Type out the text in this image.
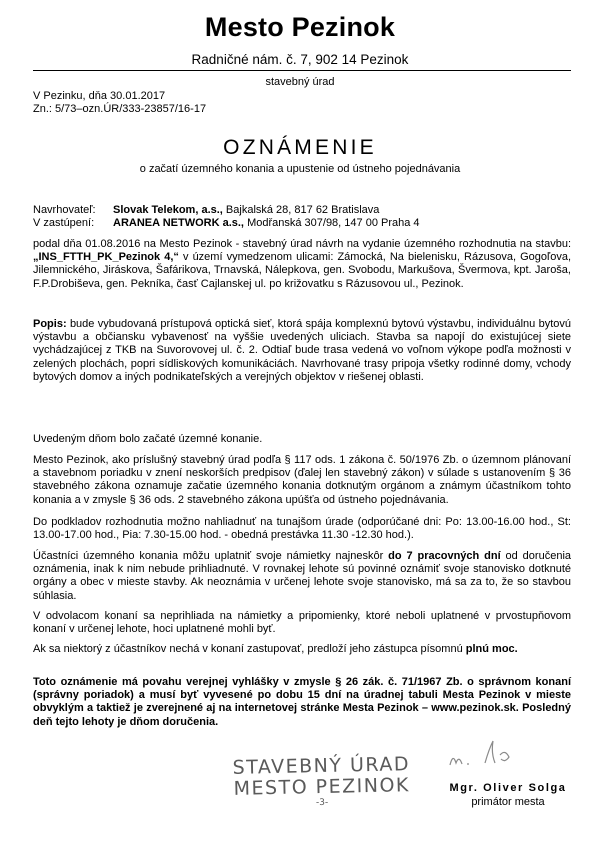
Mesto Pezinok
Radničné nám. č. 7, 902 14 Pezinok
stavebný úrad
V Pezinku, dňa 30.01.2017
Zn.: 5/73–ozn.ÚR/333-23857/16-17
OZNÁMENIE
o začatí územného konania a upustenie od ústneho pojednávania
Navrhovateľ: Slovak Telekom, a.s., Bajkalská 28, 817 62 Bratislava
V zastúpení: ARANEA NETWORK a.s., Modřanská 307/98, 147 00 Praha 4

podal dňa 01.08.2016 na Mesto Pezinok - stavebný úrad návrh na vydanie územného rozhodnutia na stavbu: „INS_FTTH_PK_Pezinok 4,“ v území vymedzenom ulicami: Zámocká, Na bielenisku, Rázusova, Gogoľova, Jilemnického, Jiráskova, Šafárikova, Trnavská, Nálepkova, gen. Svobodu, Markušova, Švermova, kpt. Jaroša, F.P.Drobiševa, gen. Pekníka, časť Cajlanskej ul. po križovatku s Rázusovou ul., Pezinok.

Popis: bude vybudovaná prístupová optická sieť, ktorá spája komplexnú bytovú výstavbu, individuálnu bytovú výstavbu a občiansku vybavenosť na vyššie uvedených uliciach. Stavba sa napojí do existujúcej siete vychádzajúcej z TKB na Suvorovovej ul. č. 2. Odtiaľ bude trasa vedená vo voľnom výkope podľa možnosti v zelených plochách, popri sídliskových komunikáciách. Navrhované trasy pripoja všetky rodinné domy, vchody bytových domov a iných podnikateľských a verejných objektov v riešenej oblasti.

Uvedeným dňom bolo začaté územné konanie.

Mesto Pezinok, ako príslušný stavebný úrad podľa § 117 ods. 1 zákona č. 50/1976 Zb. o územnom plánovaní a stavebnom poriadku v znení neskorších predpisov (ďalej len stavebný zákon) v súlade s ustanovením § 36 stavebného zákona oznamuje začatie územného konania dotknutým orgánom a známym účastníkom tohto konania a v zmysle § 36 ods. 2 stavebného zákona upúšťa od ústneho pojednávania.

Do podkladov rozhodnutia možno nahliadnuť na tunajšom úrade (odporúčané dni: Po: 13.00-16.00 hod., St: 13.00-17.00 hod., Pia: 7.30-15.00 hod. - obedná prestávka 11.30 -12.30 hod.).

Účastníci územného konania môžu uplatniť svoje námietky najneskôr do 7 pracovných dní od doručenia oznámenia, inak k nim nebude prihliadnuté. V rovnakej lehote sú povinné oznámiť svoje stanovisko dotknuté orgány a obec v mieste stavby. Ak neoznámia v určenej lehote svoje stanovisko, má sa za to, že so stavbou súhlasia.

V odvolacom konaní sa neprihliada na námietky a pripomienky, ktoré neboli uplatnené v prvostupňovom konaní v určenej lehote, hoci uplatnené mohli byť.

Ak sa niektorý z účastníkov nechá v konaní zastupovať, predloží jeho zástupca písomnú plnú moc.

Toto oznámenie má povahu verejnej vyhlášky v zmysle § 26 zák. č. 71/1967 Zb. o správnom konaní (správny poriadok) a musí byť vyvesené po dobu 15 dní na úradnej tabuli Mesta Pezinok v mieste obvyklým a taktiež je zverejnené aj na internetovej stránke Mesta Pezinok – www.pezinok.sk. Posledný deň tejto lehoty je dňom doručenia.

STAVEBNÝ ÚRAD
MESTO PEZINOK
-3-
Mgr. Oliver Solga
primátor mesta
